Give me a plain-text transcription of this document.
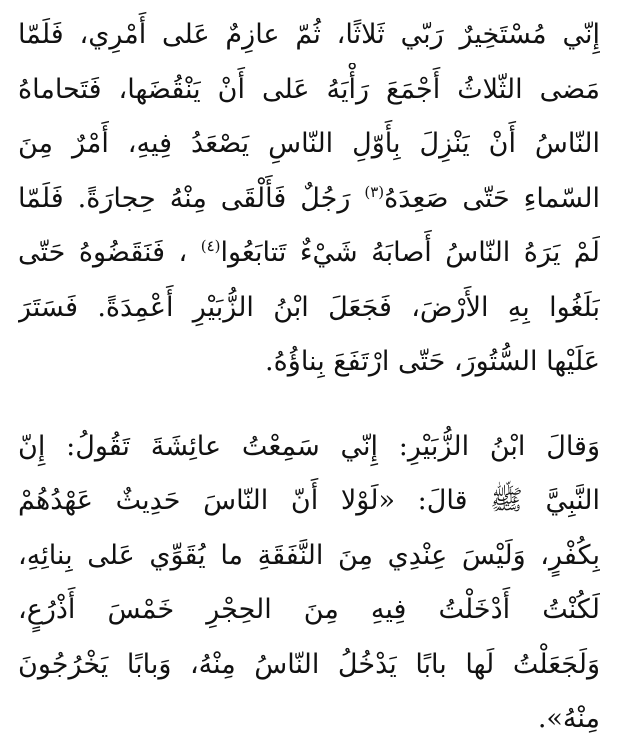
إِنّي مُسْتَخِيرٌ رَبّي ثَلاثًا، ثُمّ عازِمٌ عَلى أَمْرِي، فَلَمّا
مَضى الثّلاثُ أَجْمَعَ رَأْيَهُ عَلى أَنْ يَنْقُضَها، فَتَحاماهُ
النّاسُ أَنْ يَنْزِلَ بِأَوّلِ النّاسِ يَصْعَدُ فِيهِ، أَمْرٌ مِنَ
السّماءِ حَتّى صَعِدَهُ$^{(٣)}$ رَجُلٌ فَأَلْقَى مِنْهُ حِجارَةً. فَلَمّا
لَمْ يَرَهُ النّاسُ أَصابَهُ شَيْءٌ تَتابَعُوا$^{(٤)}$ ، فَنَقَضُوهُ حَتّى
بَلَغُوا بِهِ الأَرْضَ، فَجَعَلَ ابْنُ الزُّبَيْرِ أَعْمِدَةً. فَسَتَرَ
عَلَيْها السُّتُورَ، حَتّى ارْتَفَعَ بِناؤُهُ.
وَقالَ ابْنُ الزُّبَيْرِ: إِنّي سَمِعْتُ عائِشَةَ تَقُولُ: إِنّ
النَّبِيَّ ﷺ قالَ: «لَوْلا أَنّ النّاسَ حَدِيثٌ عَهْدُهُمْ
بِكُفْرٍ، وَلَيْسَ عِنْدِي مِنَ النَّفَقَةِ ما يُقَوِّي عَلى بِنائِهِ،
لَكُنْتُ أَدْخَلْتُ فِيهِ مِنَ الحِجْرِ خَمْسَ أَذْرُعٍ،
وَلَجَعَلْتُ لَها بابًا يَدْخُلُ النّاسُ مِنْهُ، وَبابًا يَخْرُجُونَ
مِنْهُ».
